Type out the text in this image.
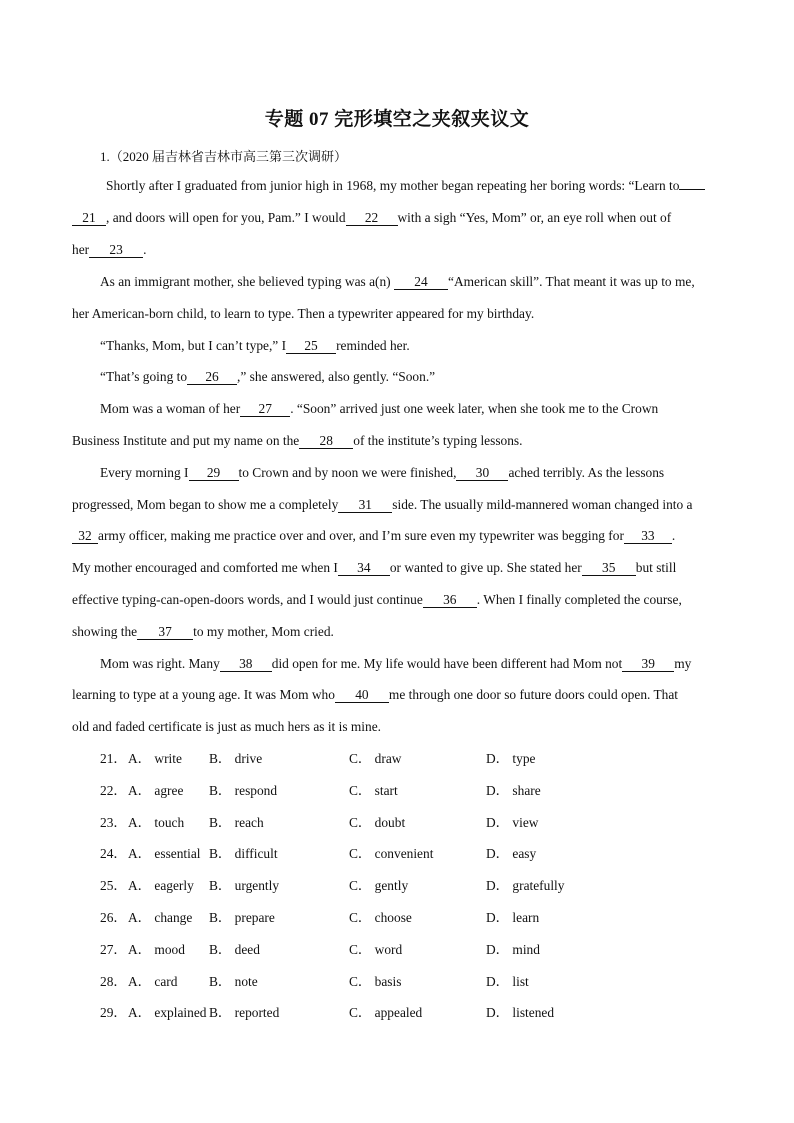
专题 07 完形填空之夹叙夹议文
1.（2020 届吉林省吉林市高三第三次调研）
Shortly after I graduated from junior high in 1968, my mother began repeating her boring words: “Learn to
21 , and doors will open for you, Pam.” I would 22 with a sigh “Yes, Mom” or, an eye roll when out of
her 23 .
As an immigrant mother, she believed typing was a(n) 24 “American skill”. That meant it was up to me,
her American-born child, to learn to type. Then a typewriter appeared for my birthday.
“Thanks, Mom, but I can’t type,” I 25 reminded her.
“That’s going to 26 ,” she answered, also gently. “Soon.”
Mom was a woman of her 27 . “Soon” arrived just one week later, when she took me to the Crown
Business Institute and put my name on the 28 of the institute’s typing lessons.
Every morning I 29 to Crown and by noon we were finished, 30 ached terribly. As the lessons
progressed, Mom began to show me a completely 31 side. The usually mild-mannered woman changed into a
32 army officer, making me practice over and over, and I’m sure even my typewriter was begging for 33 .
My mother encouraged and comforted me when I 34 or wanted to give up. She stated her 35 but still
effective typing-can-open-doors words, and I would just continue 36 . When I finally completed the course,
showing the 37 to my mother, Mom cried.
Mom was right. Many 38 did open for me. My life would have been different had Mom not 39 my
learning to type at a young age. It was Mom who 40 me through one door so future doors could open. That
old and faded certificate is just as much hers as it is mine.
21． A． write B． drive	C． draw	D． type
22． A． agree B． respond	C． start	D． share
23． A． touch B． reach	C． doubt	D． view
24． A． essential B． difficult	C． convenient	D． easy
25． A． eagerly B． urgently	C． gently	D． gratefully
26． A． change B． prepare	C． choose	D． learn
27． A． mood B． deed	C． word	D． mind
28． A． card B． note	C． basis	D． list
29． A． explained B． reported	C． appealed	D． listened
